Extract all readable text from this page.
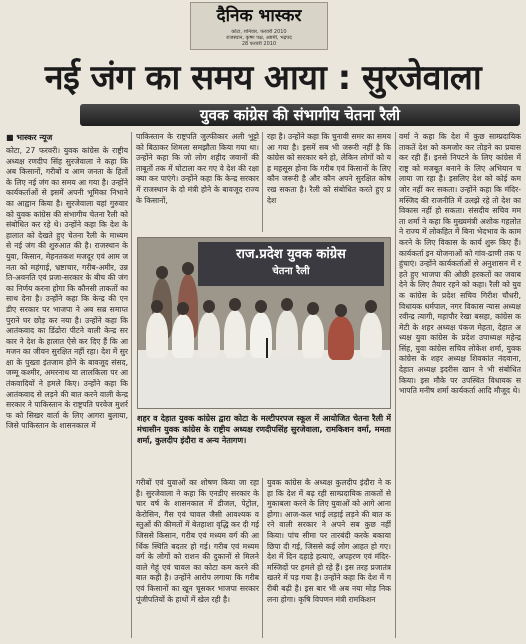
दैनिक भास्कर
कोटा, शनिवार, फरवरी 2010
राजस्थान, कृष्ण पक्ष, अष्टमी, भद्रपद
28 फरवरी 2010
नई जंग का समय आया : सुरजेवाला
युवक कांग्रेस की संभागीय चेतना रैली
■ भास्कर न्यूज
कोटा, 27 फरवरी। युवक कांग्रेस के राष्ट्रीय अध्यक्ष रणदीप सिंह सुरजेवाला ने कहा कि अब किसानों, गरीबों व आम जनता के हितों के लिए नई जंग का समय आ गया है। उन्होंने कार्यकर्ताओं से इसमें अपनी भूमिका निभाने का आह्वान किया है। सुरजेवाला यहां गुरुवार को युवक कांग्रेस की संभागीय चेतना रैली को संबोधित कर रहे थे। उन्होंने कहा कि देश के हालात को देखते हुए चेतना रैली के माध्यम से नई जंग की शुरुआत की है। राजस्थान के युवा, किसान, मेहनतकश मजदूर एवं आम जनता को महंगाई, भ्रष्टाचार, गरीब-अमीर, उन्नति-अवनति एवं प्रजा-सरकार के बीच की जंग का निर्णय करना होगा कि कौनसी ताकतों का साथ देना है। उन्होंने कहा कि केन्द्र की एनडीए सरकार पर भाजपा ने अब सब्र समाप्त पुराने घर छोड़ कर नया है। उन्होंने कहा कि आतंकवाद का डिंढोरा पीटने वाली केन्द्र सरकार ने देश के हालात ऐसे कर दिए हैं कि आमजन का जीवन सुरक्षित नहीं रहा। देश में सुरक्षा के पुख्ता इंतजाम होने के बावजूद संसद, जम्मू कश्मीर, अमरनाथ या लालकिला पर आतंकवादियों ने हमले किए। उन्होंने कहा कि आतंकवाद से लड़ने की बात करने वाली केन्द्र सरकार ने पाकिस्तान के राष्ट्रपति परवेज मुशर्रफ को सिखर वार्ता के लिए आगरा बुलाया, जिसे पाकिस्तान के शासनकाल में
पाकिस्तान के राष्ट्रपति जुल्फीकार अली भुट्टो को बिठाकर शिमला समझौता किया गया था। उन्होंने कहा कि जो लोग शहीद जवानों की ताबूतों तक में घोटाला कर गए वे देश की रक्षा क्या कर पाएंगे। उन्होंने कहा कि केन्द्र सरकार में राजस्थान के दो मंत्री होने के बावजूद राज्य के किसानों,
रहा है। उन्होंने कहा कि चुनावी समर का समय आ गया है। इसमें सब भी जरूरी नहीं है कि कांग्रेस को सरकार बने हो, लेकिन लोगों को यह महसूस होना कि गरीब एवं किसानों के लिए कौन जरूरी है और कौन अपने सुरक्षित कोष रख सकता है। रैली को संबोधित करते हुए प्रदेश
वर्मा ने कहा कि देश में कुछ साम्प्रदायिक ताकतें देश को कमजोर कर तोड़ने का प्रयास कर रही हैं। इनसे निपटने के लिए कांग्रेस में राष्ट्र को मजबूत बनाने के लिए अभियान चलाया जा रहा है। इसलिए देश को कोई कमजोर नहीं कर सकता। उन्होंने कहा कि मंदिर-मस्जिद की राजनीति में उलझे रहे तो देश का विकास नहीं हो सकता। संसदीय सचिव ममता शर्मा ने कहा कि मुख्यमंत्री अशोक गहलोत ने राज्य में लोकहित में बिना भेदभाव के काम करने के लिए विकास के कार्य शुरू किए हैं। कार्यकर्ता इन योजनाओं को गांव-ढाणी तक पहुंचाएं। उन्होंने कार्यकर्ताओं से अनुशासन में रहते हुए भाजपा की ओछी हरकतों का जवाब देने के लिए तैयार रहने को कहा। रैली को युवक कांग्रेस के प्रदेश सचिव गिरीश चौधरी, विधायक धर्मपाल, नगर विकास न्यास अध्यक्ष रवीन्द्र त्यागी, महापौर रेखा बसहा, कांग्रेस कमेटी के शहर अध्यक्ष पंकज मेहता, देहात अध्यक्ष युवा कांग्रेस के प्रदेश उपाध्यक्ष महेन्द्र सिंह, युवा कांग्रेस सचिव लोकेश शर्मा, युवक कांग्रेस के शहर अध्यक्ष शिवकांत नंदवाना, देहात अध्यक्ष इदरीस खान ने भी संबोधित किया। इस मौके पर उपस्थित विधायक सभापति मनीष शर्मा कार्यकर्ता आदि मौजूद थे।
राज.प्रदेश युवक कांग्रेस
चेतना रैली
शहर व देहात युवक कांग्रेस द्वारा कोटा के मल्टीपरपज स्कूल में आयोजित चेतना रैली में मंचासीन युवक कांग्रेस के राष्ट्रीय अध्यक्ष रणदीपसिंह सुरजेवाला, रामकिशन वर्मा, ममता शर्मा, कुलदीप इंदौरा व अन्य नेतागण।
गरीबों एवं युवाओं का शोषण किया जा रहा है। सुरजेवाला ने कहा कि एनडीए सरकार के चार वर्ष के शासनकाल में डीजल, पेट्रोल, केरोसिन, गैस एवं चावल जैसी आवश्यक वस्तुओं की कीमतों में बेतहाशा वृद्धि कर दी गई जिससे किसान, गरीब एवं मध्यम वर्ग की आर्थिक स्थिति बदतर हो गई। गरीब एवं मध्यम वर्ग के लोगों को राशन की दुकानों से मिलने वाले गेहूं एवं चावल का कोटा कम करने की बात कही है। उन्होंने आरोप लगाया कि गरीब एवं किसानों का खून चूसकर भाजपा सरकार पूंजीपतियों के हाथों में खेल रही है।
युवक कांग्रेस के अध्यक्ष कुलदीप इंदौरा ने कहा कि देश में बढ़ रही साम्प्रदायिक ताकतों से मुकाबला करने के लिए युवाओं को आगे आना होगा। आज-कल भाई लड़ाई लड़ने की बात करने वाली सरकार ने अपने सब कुछ नहीं किया। पांच सीमा पर तारबंदी करके बकाया छिपा दी गई, जिससे कई लोग आहत हो गए। देश में दिन दहाड़े हत्याएं, अपहरण एवं मंदिर-मस्जिदों पर हमले हो रहे हैं। इस तरह प्रजातंत्र खतरे में पड़ गया है। उन्होंने कहा कि देश में गरीबी बढ़ी है। इस बार भी अब नया मोड़ निकलना होगा। कृषि विपणन मंत्री रामकिशन
